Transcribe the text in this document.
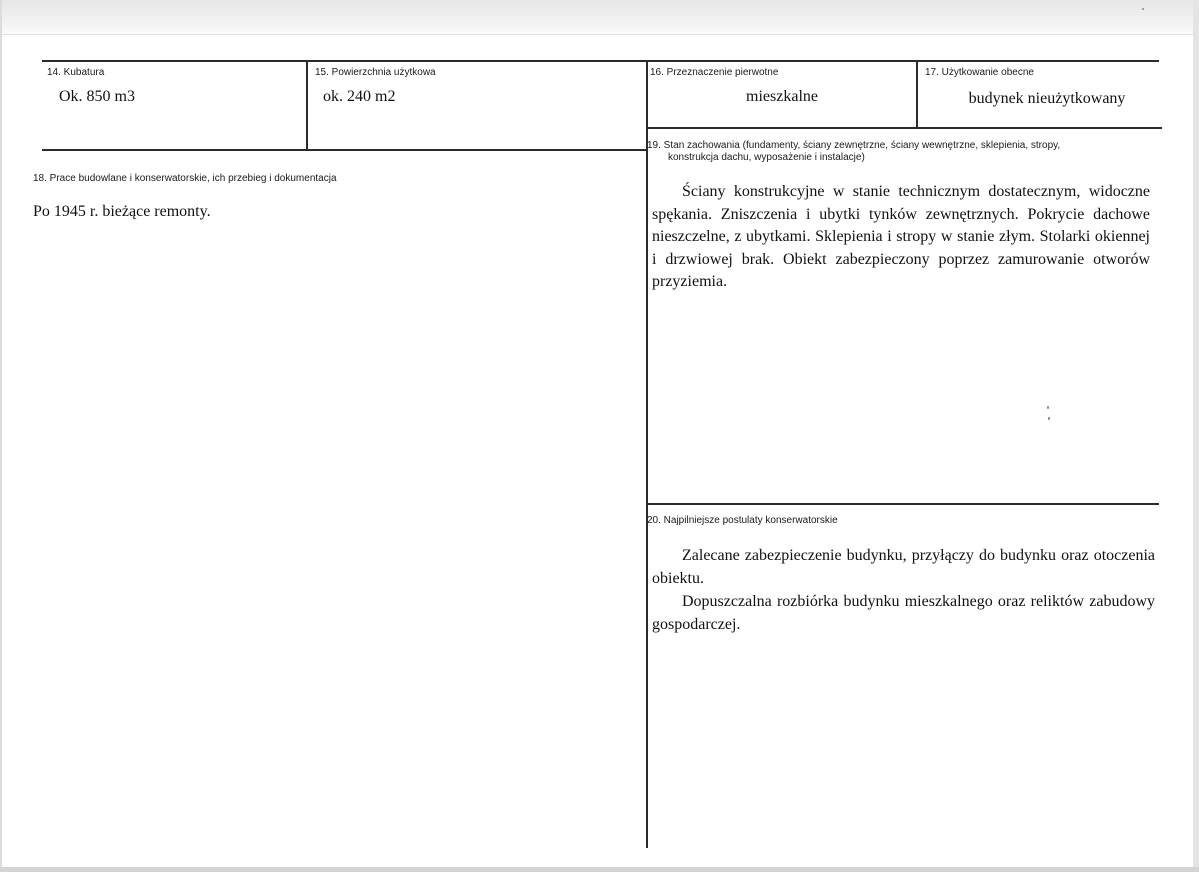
14. Kubatura
Ok. 850 m3
15. Powierzchnia użytkowa
ok. 240 m2
16. Przeznaczenie pierwotne
mieszkalne
17. Użytkowanie obecne
budynek nieużytkowany
18. Prace budowlane i konserwatorskie, ich przebieg i dokumentacja
Po 1945 r. bieżące remonty.
19. Stan zachowania (fundamenty, ściany zewnętrzne, ściany wewnętrzne, sklepienia, stropy,
konstrukcja dachu, wyposażenie i instalacje)

Ściany konstrukcyjne w stanie technicznym dostatecznym, widoczne spękania. Zniszczenia i ubytki tynków zewnętrznych. Pokrycie dachowe nieszczelne, z ubytkami. Sklepienia i stropy w stanie złym. Stolarki okiennej i drzwiowej brak. Obiekt zabezpieczony poprzez zamurowanie otworów przyziemia.

20. Najpilniejsze postulaty konserwatorskie

Zalecane zabezpieczenie budynku, przyłączy do budynku oraz otoczenia obiektu.

Dopuszczalna rozbiórka budynku mieszkalnego oraz reliktów zabudowy gospodarczej.
